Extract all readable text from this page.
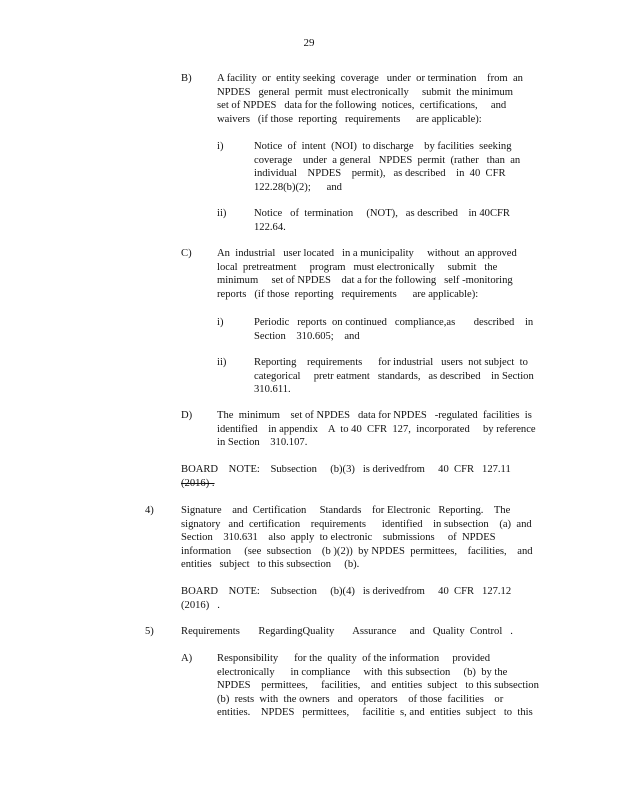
29
B) A facility  or  entity seeking  coverage   under  or termination    from  an

NPDES   general  permit  must electronically     submit  the minimum

set of NPDES   data for the following  notices,  certifications,     and

waivers   (if those  reporting   requirements      are applicable):

i)	Notice  of  intent  (NOI)  to discharge    by facilities  seeking

coverage    under  a general   NPDES  permit  (rather   than  an

individual    NPDES    permit),   as described    in  40  CFR

122.28(b)(2);      and

ii)	Notice   of  termination     (NOT),   as described    in 40CFR

122.64.

C) An  industrial   user located   in a municipality     without  an approved

local  pretreatment     program   must electronically     submit   the

minimum     set of NPDES    dat a for the following   self -monitoring

reports   (if those  reporting   requirements      are applicable):

i)	Periodic   reports  on continued   compliance,as       described    in

Section    310.605;    and

ii)	Reporting    requirements      for industrial   users  not subject  to

categorical     pretr eatment   standards,   as described    in Section

310.611.

D) The  minimum    set of NPDES   data for NPDES   -regulated  facilities  is

identified    in appendix    A  to 40  CFR  127,  incorporated     by reference

in Section    310.107.

BOARD    NOTE:    Subsection     (b)(3)   is derivedfrom     40  CFR   127.11

(2016) .

4)	Signature    and  Certification     Standards    for Electronic   Reporting.    The

signatory   and  certification    requirements      identified    in subsection    (a)  and

Section    310.631    also  apply  to electronic    submissions     of  NPDES

information     (see  subsection    (b )(2))  by NPDES  permittees,    facilities,    and

entities   subject   to this subsection     (b).

BOARD    NOTE:    Subsection     (b)(4)   is derivedfrom     40  CFR   127.12

(2016)   .

5)	Requirements       RegardingQuality       Assurance     and   Quality  Control   .

A) Responsibility      for the  quality  of the information     provided

electronically      in compliance     with  this subsection     (b)  by the

NPDES    permittees,     facilities,    and  entities  subject   to this subsection

(b)  rests  with  the owners   and  operators    of those  facilities    or

entities.    NPDES   permittees,     facilitie  s, and  entities  subject   to  this
